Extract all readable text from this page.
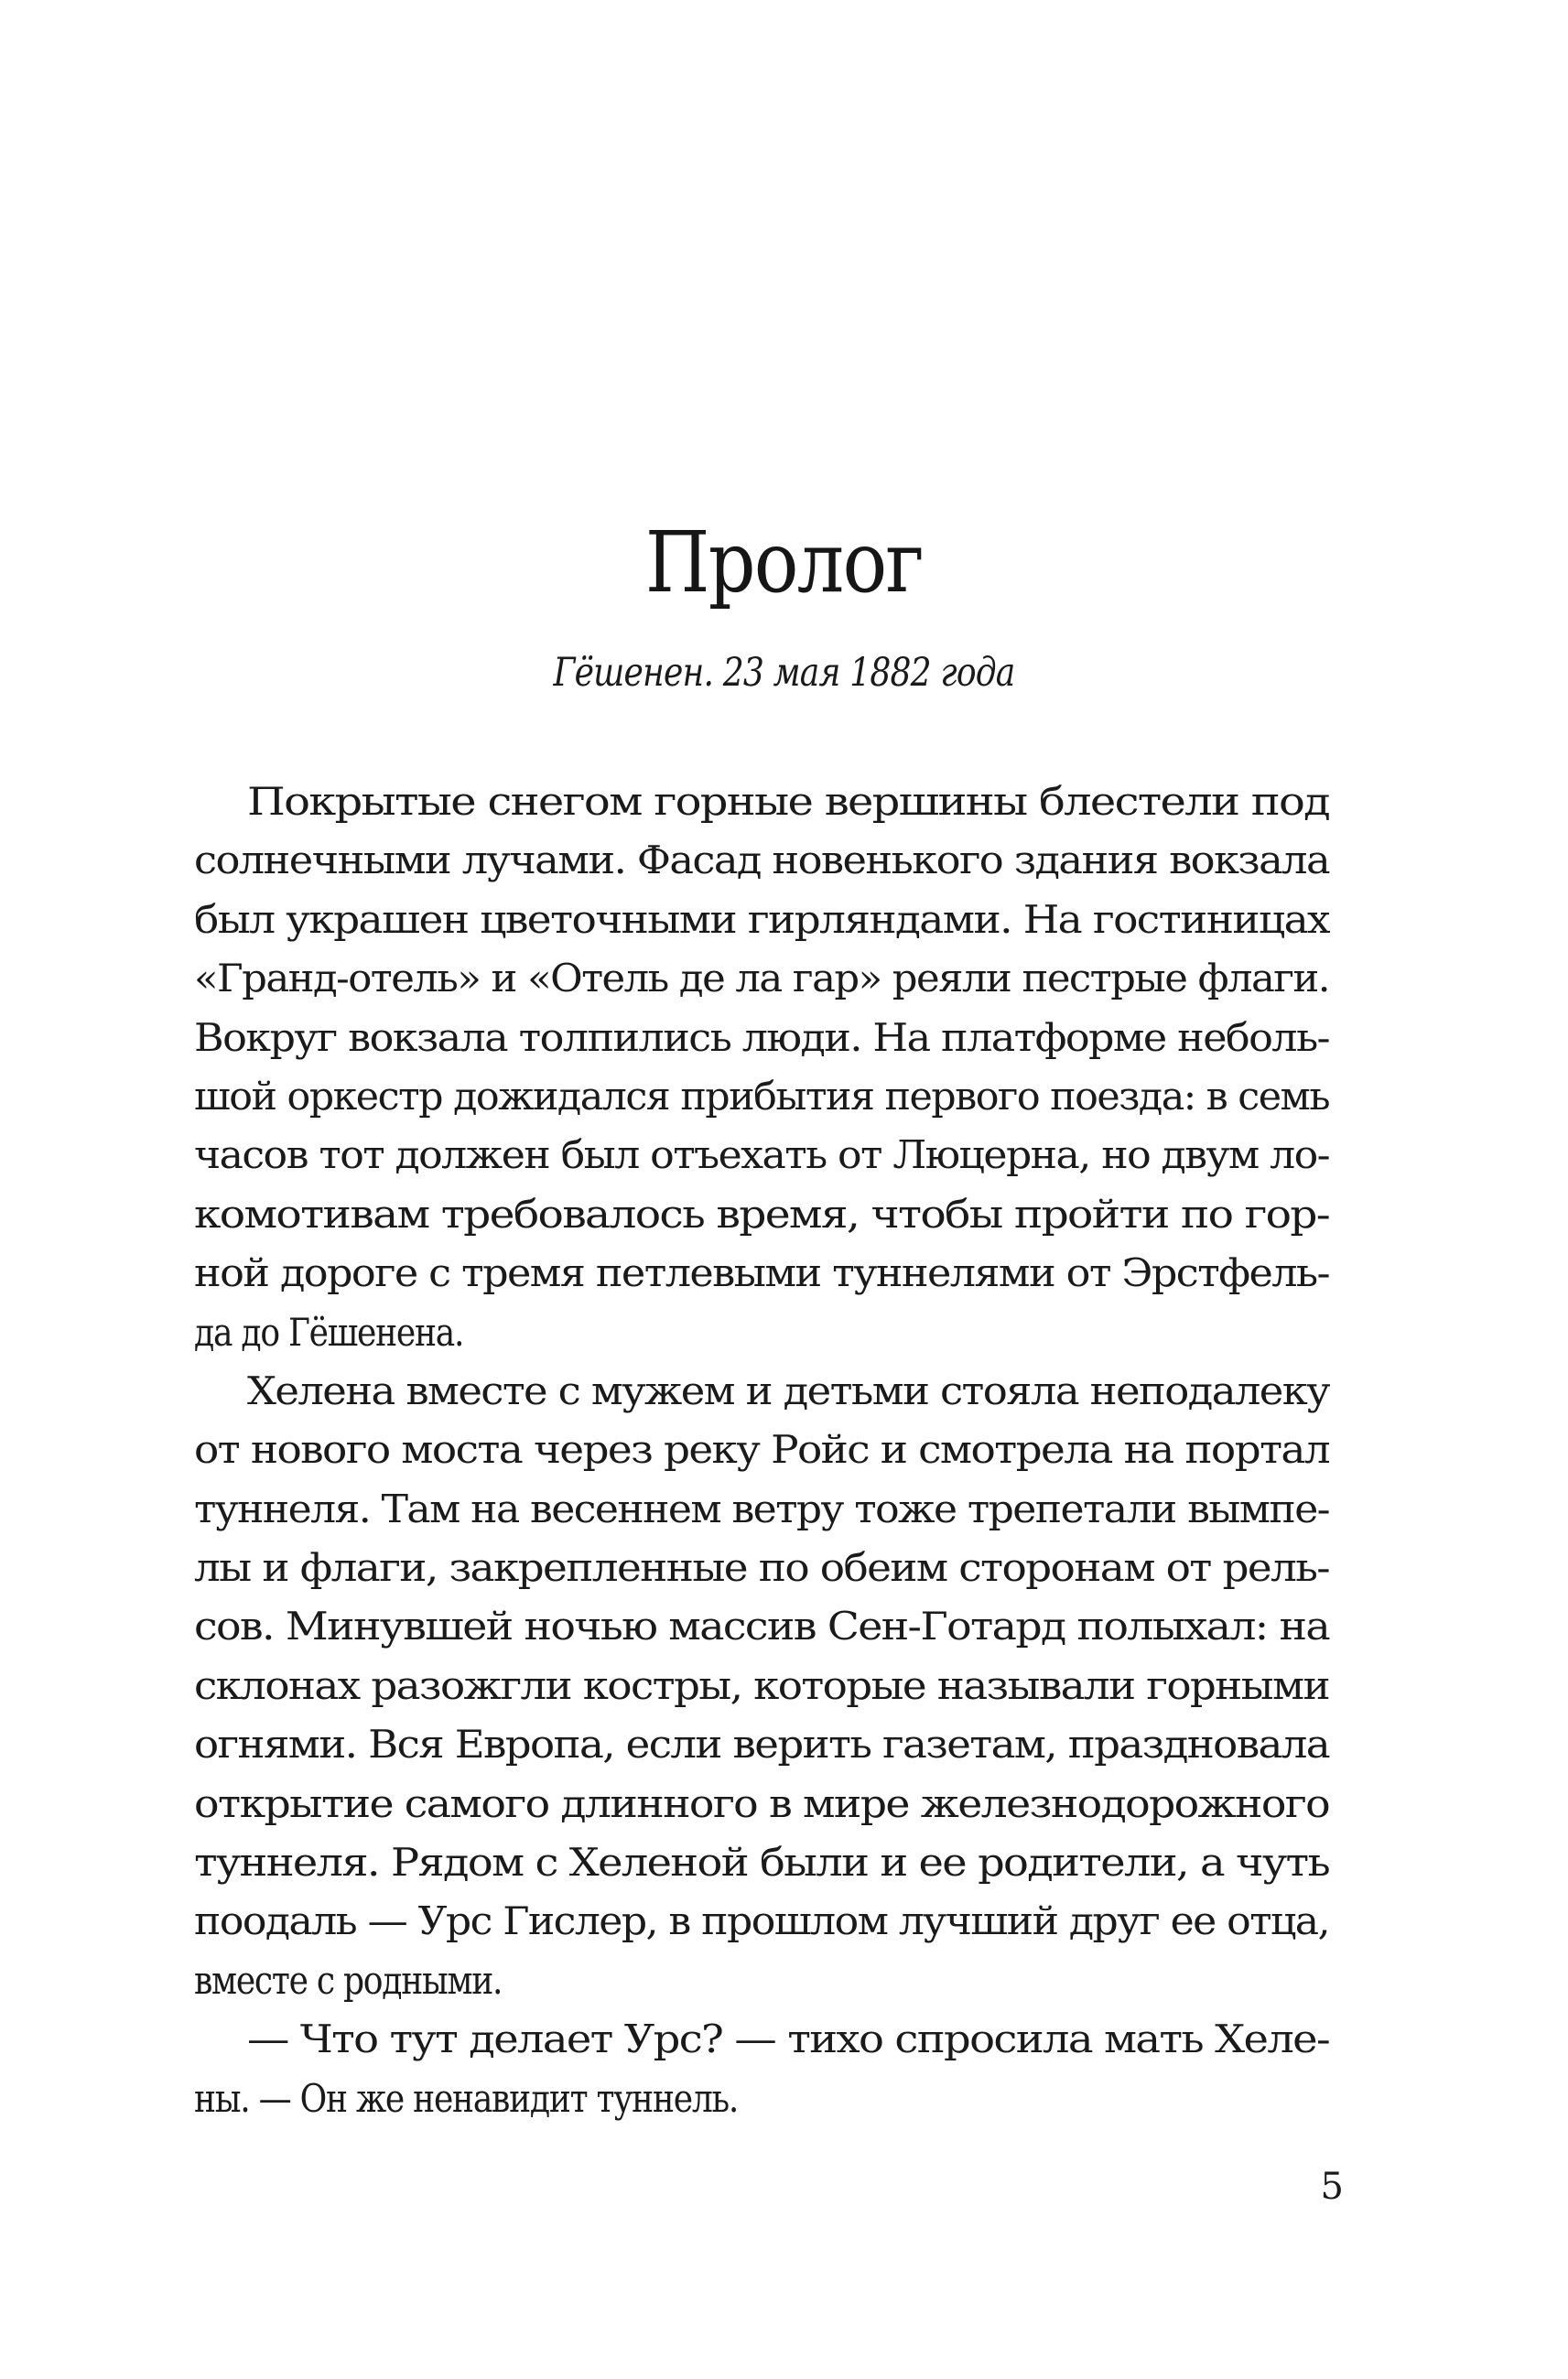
Пролог
Гёшенен. 23 мая 1882 года
Покрытые снегом горные вершины блестели под
солнечными лучами. Фасад новенького здания вокзала
был украшен цветочными гирляндами. На гостиницах
«Гранд-отель» и «Отель де ла гар» реяли пестрые флаги.
Вокруг вокзала толпились люди. На платформе неболь-
шой оркестр дожидался прибытия первого поезда: в семь
часов тот должен был отъехать от Люцерна, но двум ло-
комотивам требовалось время, чтобы пройти по гор-
ной дороге с тремя петлевыми туннелями от Эрстфель-
да до Гёшенена.
Хелена вместе с мужем и детьми стояла неподалеку
от нового моста через реку Ройс и смотрела на портал
туннеля. Там на весеннем ветру тоже трепетали вымпе-
лы и флаги, закрепленные по обеим сторонам от рель-
сов. Минувшей ночью массив Сен-Готард полыхал: на
склонах разожгли костры, которые называли горными
огнями. Вся Европа, если верить газетам, праздновала
открытие самого длинного в мире железнодорожного
туннеля. Рядом с Хеленой были и ее родители, а чуть
поодаль — Урс Гислер, в прошлом лучший друг ее отца,
вместе с родными.
— Что тут делает Урс? — тихо спросила мать Хеле-
ны. — Он же ненавидит туннель.
5
